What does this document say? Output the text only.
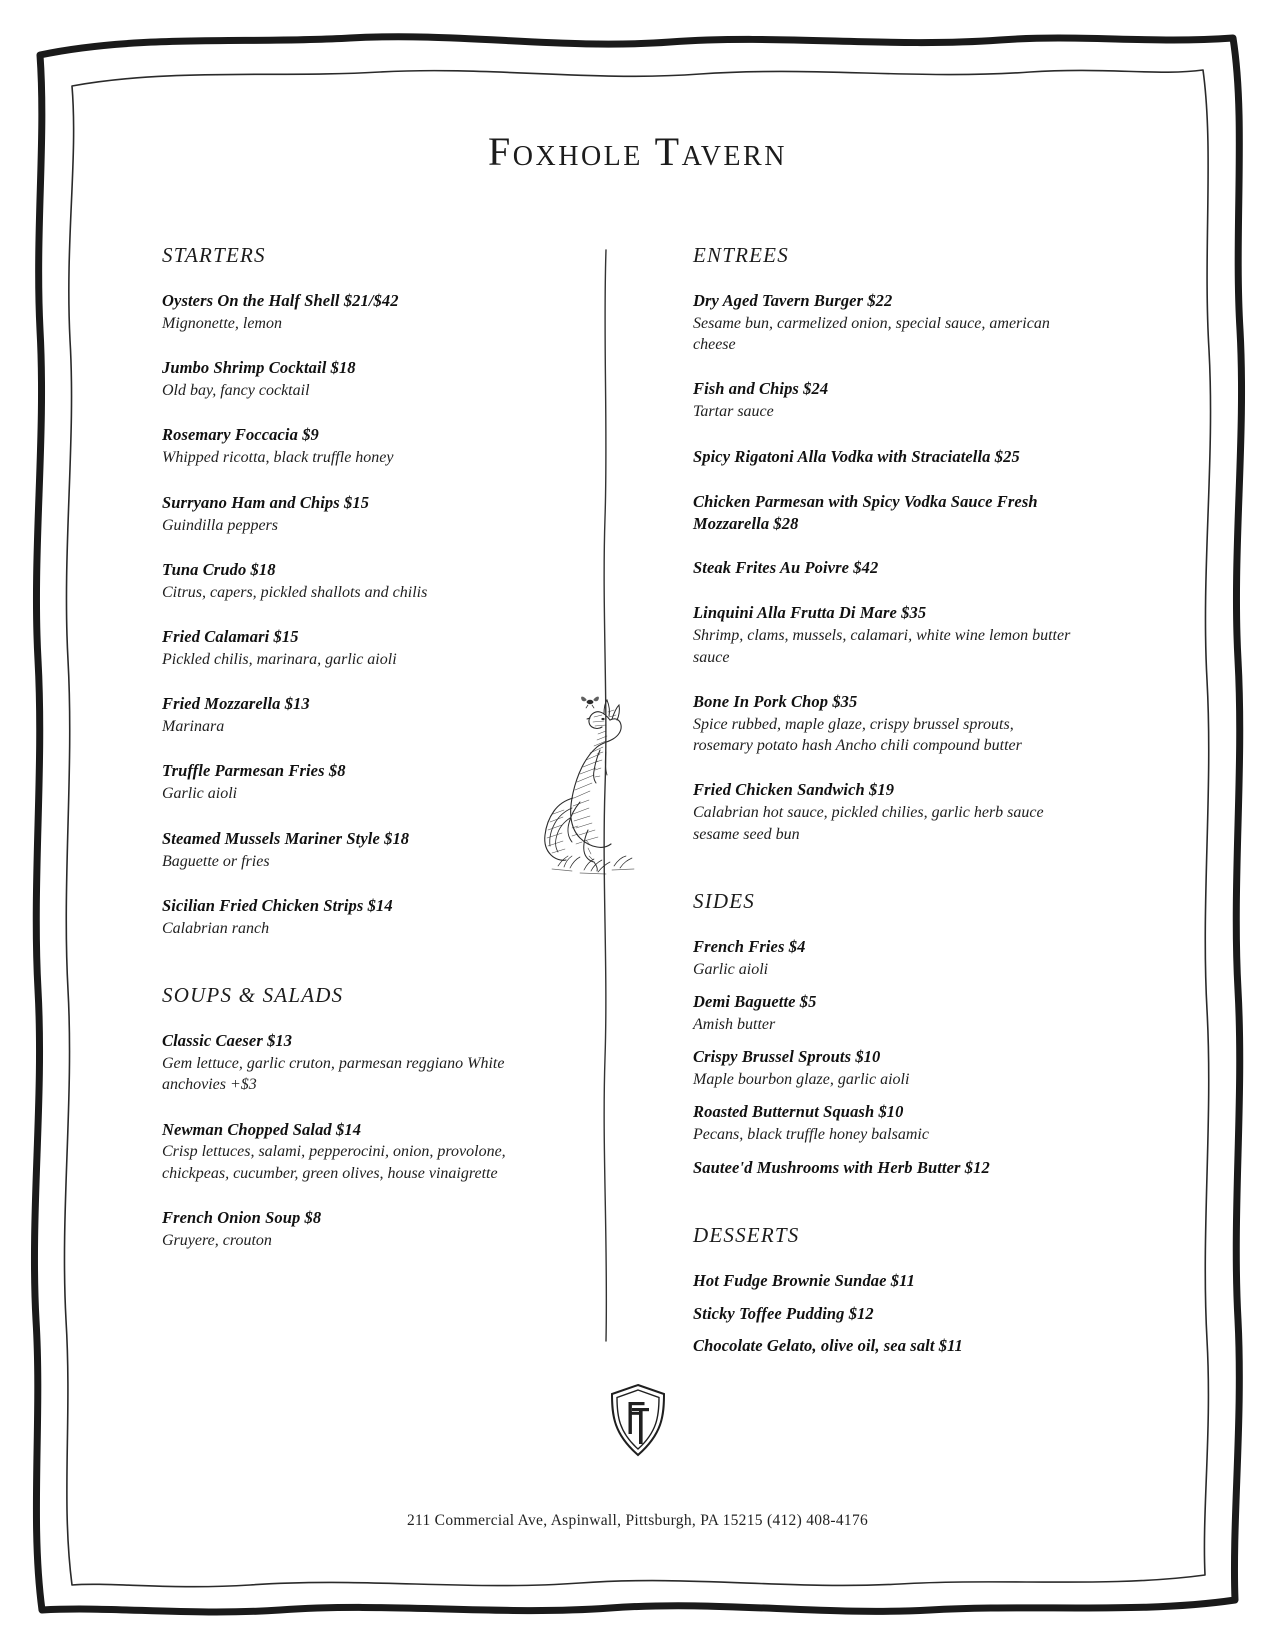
Foxhole Tavern
STARTERS
Oysters On the Half Shell $21/$42
Mignonette, lemon
Jumbo Shrimp Cocktail $18
Old bay, fancy cocktail
Rosemary Foccacia $9
Whipped ricotta, black truffle honey
Surryano Ham and Chips $15
Guindilla peppers
Tuna Crudo $18
Citrus, capers, pickled shallots and chilis
Fried Calamari $15
Pickled chilis, marinara, garlic aioli
Fried Mozzarella $13
Marinara
Truffle Parmesan Fries $8
Garlic aioli
Steamed Mussels Mariner Style $18
Baguette or fries
Sicilian Fried Chicken Strips $14
Calabrian ranch
SOUPS & SALADS
Classic Caeser $13
Gem lettuce, garlic cruton, parmesan reggiano White anchovies +$3
Newman Chopped Salad $14
Crisp lettuces, salami, pepperocini, onion, provolone, chickpeas, cucumber, green olives, house vinaigrette
French Onion Soup $8
Gruyere, crouton
ENTREES
Dry Aged Tavern Burger $22
Sesame bun, carmelized onion, special sauce, american cheese
Fish and Chips $24
Tartar sauce
Spicy Rigatoni Alla Vodka with Straciatella $25
Chicken Parmesan with Spicy Vodka Sauce Fresh Mozzarella $28
Steak Frites Au Poivre $42
Linquini Alla Frutta Di Mare $35
Shrimp, clams, mussels, calamari, white wine lemon butter sauce
Bone In Pork Chop $35
Spice rubbed, maple glaze, crispy brussel sprouts, rosemary potato hash Ancho chili compound butter
Fried Chicken Sandwich $19
Calabrian hot sauce, pickled chilies, garlic herb sauce sesame seed bun
SIDES
French Fries $4
Garlic aioli
Demi Baguette $5
Amish butter
Crispy Brussel Sprouts $10
Maple bourbon glaze, garlic aioli
Roasted Butternut Squash $10
Pecans, black truffle honey balsamic
Sautee'd Mushrooms with Herb Butter $12
DESSERTS
Hot Fudge Brownie Sundae $11
Sticky Toffee Pudding $12
Chocolate Gelato, olive oil, sea salt $11
211 Commercial Ave, Aspinwall, Pittsburgh, PA 15215 (412) 408-4176
